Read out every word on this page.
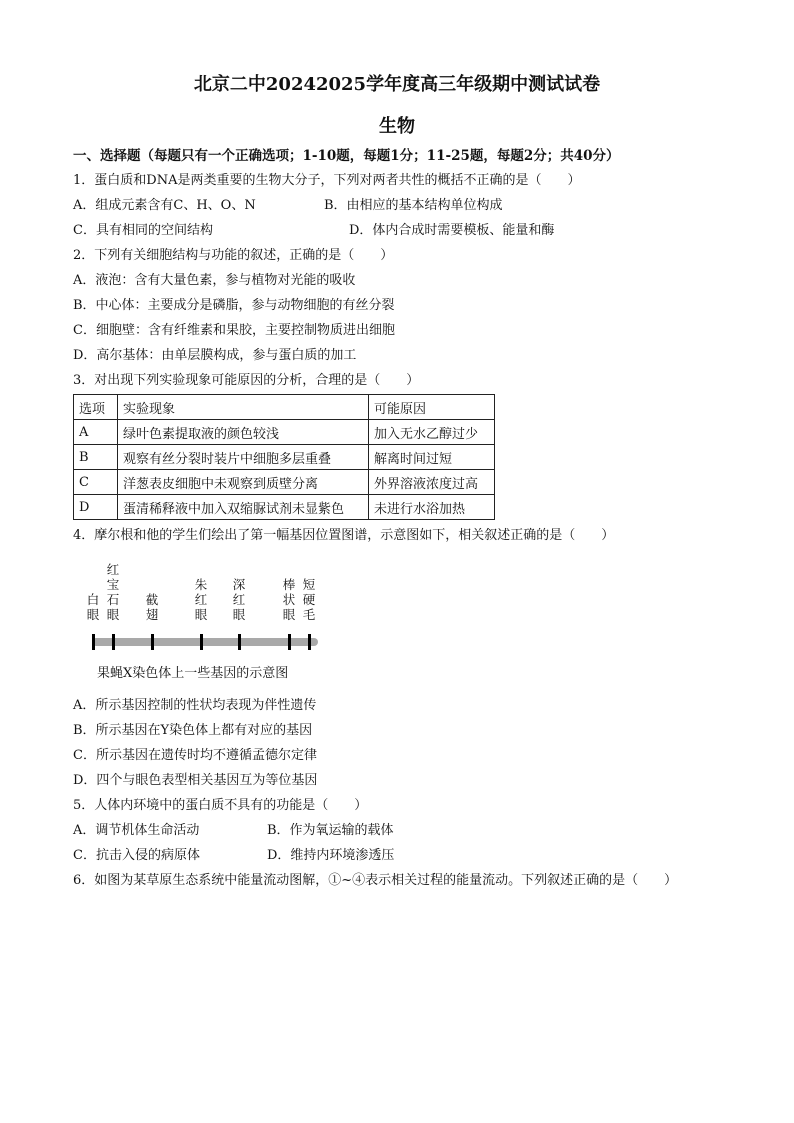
北京二中20242025学年度高三年级期中测试试卷
生物
一、选择题（每题只有一个正确选项；1-10题，每题1分；11-25题，每题2分；共40分）
1．蛋白质和DNA是两类重要的生物大分子，下列对两者共性的概括不正确的是（　　）
A．组成元素含有C、H、O、N	B．由相应的基本结构单位构成
C．具有相同的空间结构	D．体内合成时需要模板、能量和酶
2．下列有关细胞结构与功能的叙述，正确的是（　　）
A．液泡：含有大量色素，参与植物对光能的吸收
B．中心体：主要成分是磷脂，参与动物细胞的有丝分裂
C．细胞壁：含有纤维素和果胶，主要控制物质进出细胞
D．高尔基体：由单层膜构成，参与蛋白质的加工
3．对出现下列实验现象可能原因的分析，合理的是（　　）
选项	实验现象	可能原因
A	绿叶色素提取液的颜色较浅	加入无水乙醇过少
B	观察有丝分裂时装片中细胞多层重叠	解离时间过短
C	洋葱表皮细胞中未观察到质壁分离	外界溶液浓度过高
D	蛋清稀释液中加入双缩脲试剂未显紫色	未进行水浴加热
4．摩尔根和他的学生们绘出了第一幅基因位置图谱，示意图如下，相关叙述正确的是（　　）
白眼
红宝石眼
截翅
朱红眼
深红眼
棒状眼
短硬毛
果蝇X染色体上一些基因的示意图
A．所示基因控制的性状均表现为伴性遗传
B．所示基因在Y染色体上都有对应的基因
C．所示基因在遗传时均不遵循孟德尔定律
D．四个与眼色表型相关基因互为等位基因
5．人体内环境中的蛋白质不具有的功能是（　　）
A．调节机体生命活动	B．作为氧运输的载体
C．抗击入侵的病原体	D．维持内环境渗透压
6．如图为某草原生态系统中能量流动图解，①~④表示相关过程的能量流动。下列叙述正确的是（　　）
